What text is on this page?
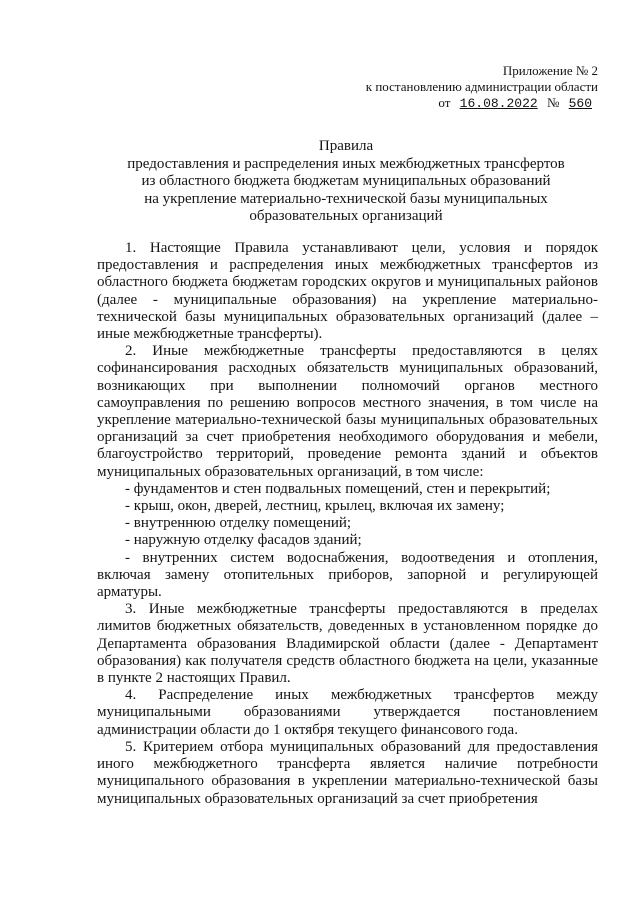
Приложение № 2
к постановлению администрации области
от 16.08.2022 № 560
Правила
предоставления и распределения иных межбюджетных трансфертов
из областного бюджета бюджетам муниципальных образований
на укрепление материально-технической базы муниципальных
образовательных организаций

1. Настоящие Правила устанавливают цели, условия и порядок предоставления и распределения иных межбюджетных трансфертов из областного бюджета бюджетам городских округов и муниципальных районов (далее - муниципальные образования) на укрепление материально-технической базы муниципальных образовательных организаций (далее – иные межбюджетные трансферты).

2. Иные межбюджетные трансферты предоставляются в целях софинансирования расходных обязательств муниципальных образований, возникающих при выполнении полномочий органов местного самоуправления по решению вопросов местного значения, в том числе на укрепление материально-технической базы муниципальных образовательных организаций за счет приобретения необходимого оборудования и мебели, благоустройство территорий, проведение ремонта зданий и объектов муниципальных образовательных организаций, в том числе:

- фундаментов и стен подвальных помещений, стен и перекрытий;

- крыш, окон, дверей, лестниц, крылец, включая их замену;

- внутреннюю отделку помещений;

- наружную отделку фасадов зданий;

- внутренних систем водоснабжения, водоотведения и отопления, включая замену отопительных приборов, запорной и регулирующей арматуры.

3. Иные межбюджетные трансферты предоставляются в пределах лимитов бюджетных обязательств, доведенных в установленном порядке до Департамента образования Владимирской области (далее - Департамент образования) как получателя средств областного бюджета на цели, указанные в пункте 2 настоящих Правил.

4. Распределение иных межбюджетных трансфертов между муниципальными образованиями утверждается постановлением администрации области до 1 октября текущего финансового года.

5. Критерием отбора муниципальных образований для предоставления иного межбюджетного трансферта является наличие потребности муниципального образования в укреплении материально-технической базы муниципальных образовательных организаций за счет приобретения
